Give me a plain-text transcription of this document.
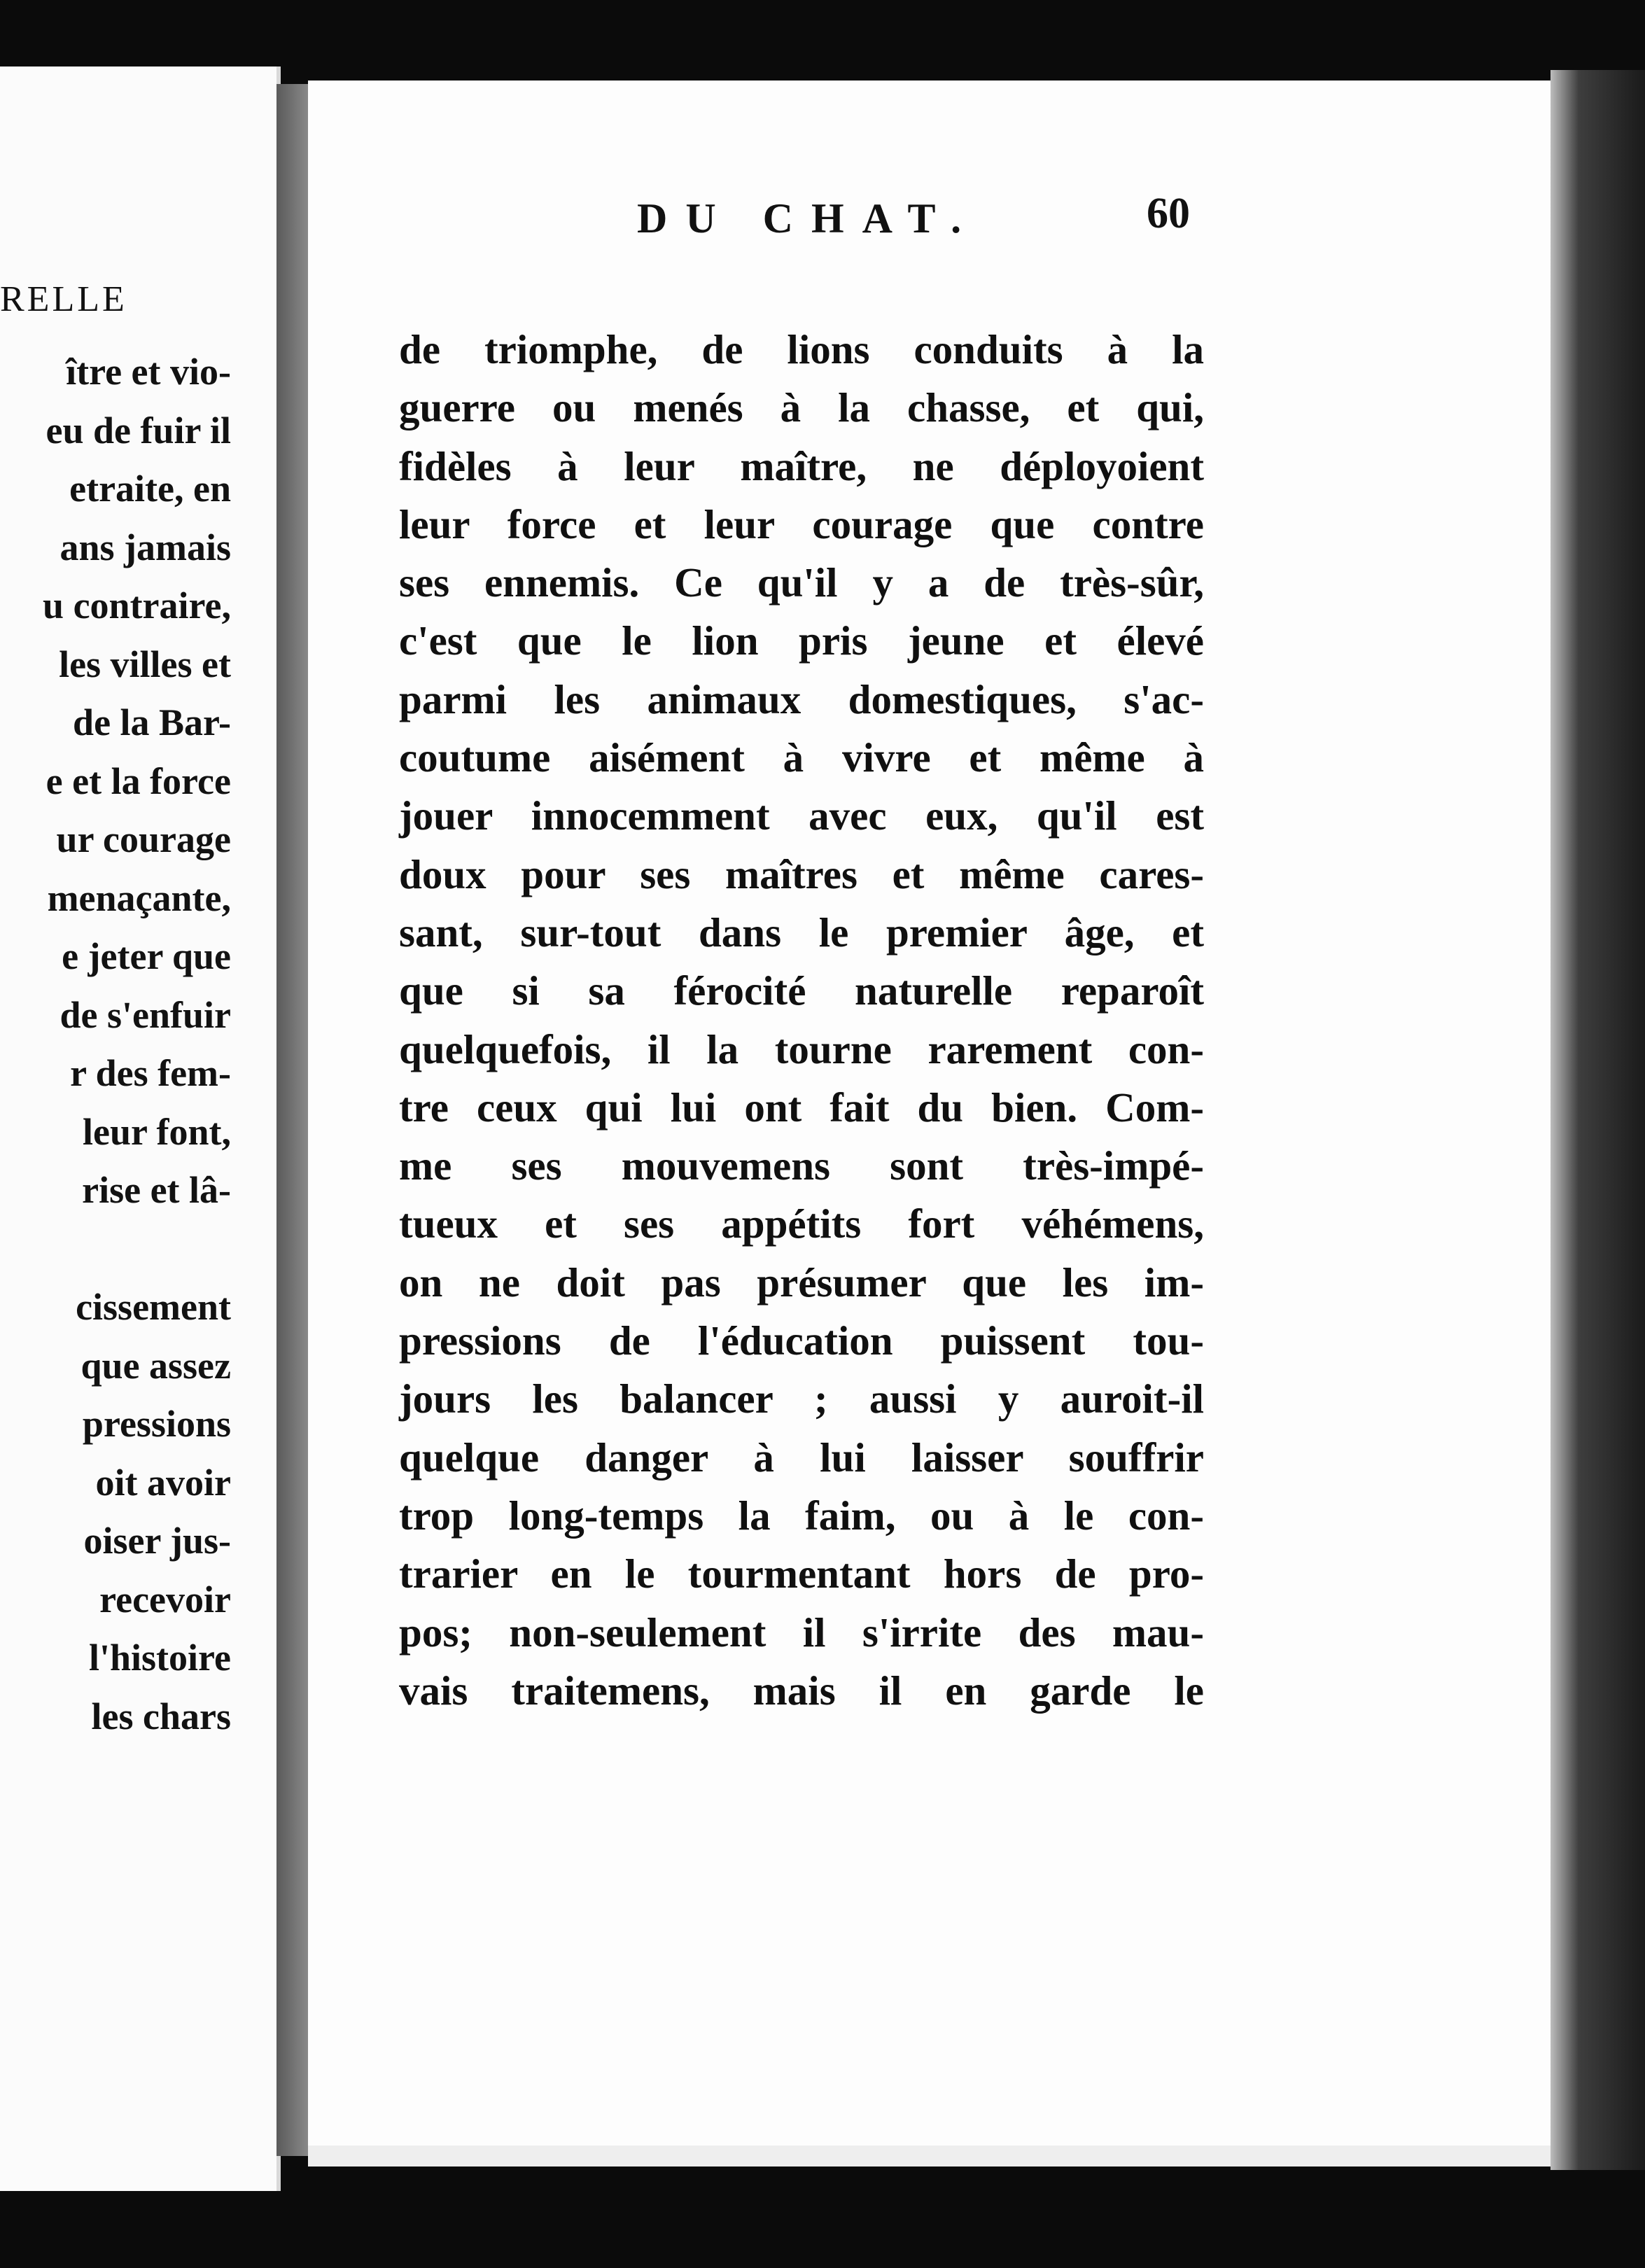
RELLE
ître et vio-
eu de fuir il
etraite, en
ans jamais
u contraire,
les villes et
de la Bar-
e et la force
ur courage
menaçante,
e jeter que
de s'enfuir
r des fem-
leur font,
rise et lâ-
cissement
que assez
pressions
oit avoir
oiser jus-
recevoir
l'histoire
les chars
DU CHAT.	60
de triomphe, de lions conduits à la
guerre ou menés à la chasse, et qui,
fidèles à leur maître, ne déployoient
leur force et leur courage que contre
ses ennemis. Ce qu'il y a de très-sûr,
c'est que le lion pris jeune et élevé
parmi les animaux domestiques, s'ac-
coutume aisément à vivre et même à
jouer innocemment avec eux, qu'il est
doux pour ses maîtres et même cares-
sant, sur-tout dans le premier âge, et
que si sa férocité naturelle reparoît
quelquefois, il la tourne rarement con-
tre ceux qui lui ont fait du bien. Com-
me ses mouvemens sont très-impé-
tueux et ses appétits fort véhémens,
on ne doit pas présumer que les im-
pressions de l'éducation puissent tou-
jours les balancer ; aussi y auroit-il
quelque danger à lui laisser souffrir
trop long-temps la faim, ou à le con-
trarier en le tourmentant hors de pro-
pos; non-seulement il s'irrite des mau-
vais traitemens, mais il en garde le
